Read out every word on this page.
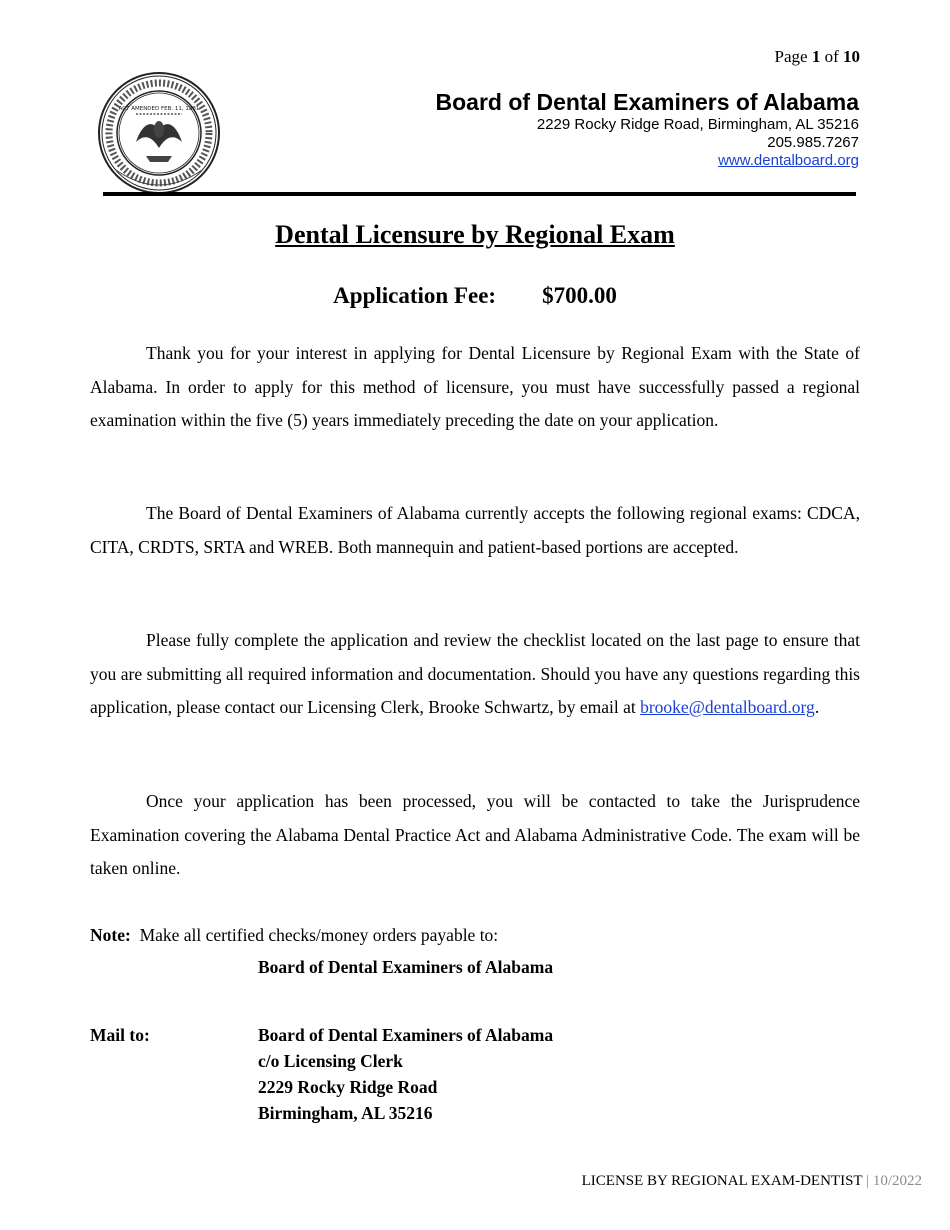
Page 1 of 10
ACT AMENDED FEB. 11, 1881	Board of Dental Examiners of Alabama
2229 Rocky Ridge Road, Birmingham, AL 35216
205.985.7267
www.dentalboard.org
Dental Licensure by Regional Exam
Application Fee: $700.00

Thank you for your interest in applying for Dental Licensure by Regional Exam with the State of Alabama. In order to apply for this method of licensure, you must have successfully passed a regional examination within the five (5) years immediately preceding the date on your application.

The Board of Dental Examiners of Alabama currently accepts the following regional exams: CDCA, CITA, CRDTS, SRTA and WREB. Both mannequin and patient-based portions are accepted.

Please fully complete the application and review the checklist located on the last page to ensure that you are submitting all required information and documentation. Should you have any questions regarding this application, please contact our Licensing Clerk, Brooke Schwartz, by email at brooke@dentalboard.org.

Once your application has been processed, you will be contacted to take the Jurisprudence Examination covering the Alabama Dental Practice Act and Alabama Administrative Code. The exam will be taken online.

Note: Make all certified checks/money orders payable to:
Board of Dental Examiners of Alabama
Mail to:	Board of Dental Examiners of Alabama
c/o Licensing Clerk
2229 Rocky Ridge Road
Birmingham, AL 35216
LICENSE BY REGIONAL EXAM-DENTIST | 10/2022
